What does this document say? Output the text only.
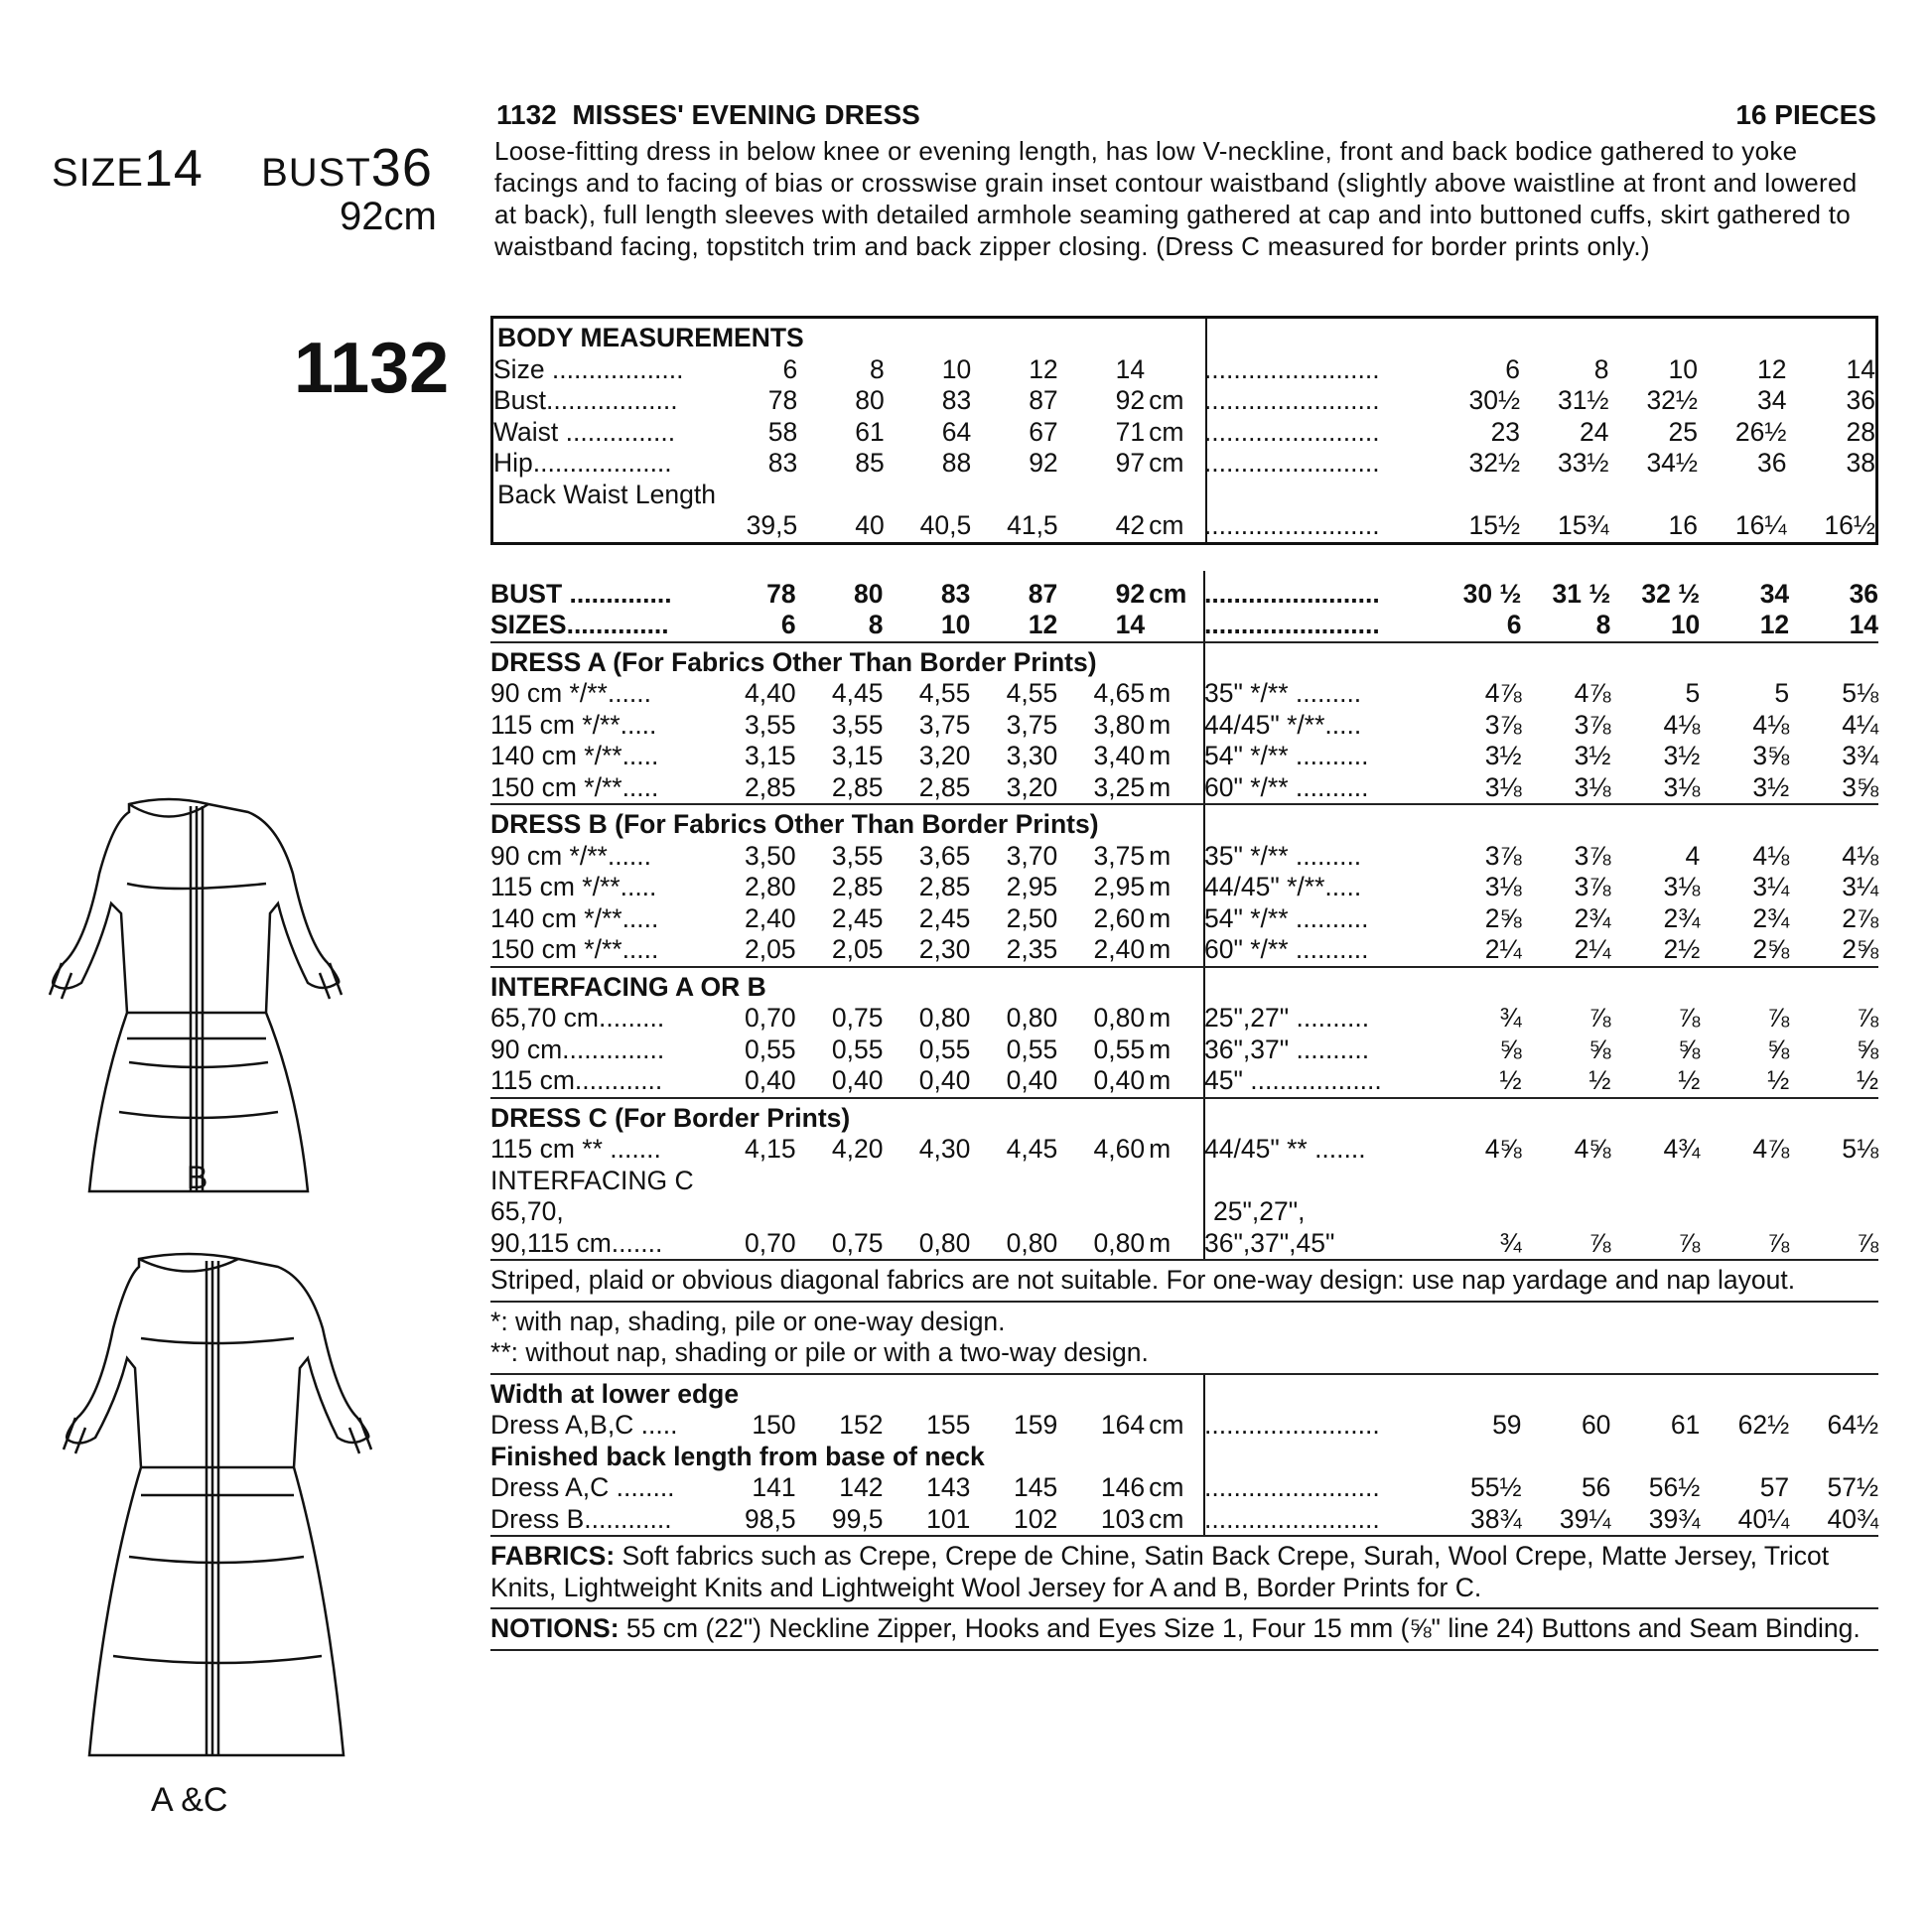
SIZE14 BUST36
92cm
1132
B
A &C
1132 MISSES' EVENING DRESS	16 PIECES
Loose-fitting dress in below knee or evening length, has low V-neckline, front and back bodice gathered to yoke facings and to facing of bias or crosswise grain inset contour waistband (slightly above waistline at front and lowered at back), full length sleeves with detailed armhole seaming gathered at cap and into buttoned cuffs, skirt gathered to waistband facing, topstitch trim and back zipper closing. (Dress C measured for border prints only.)
BODY MEASUREMENTS
Size ..................	6	8	10	12	14	........................	6	8	10	12	14
Bust..................	78	80	83	87	92 cm ........................	30½	31½	32½	34	36
Waist ...............	58	61	64	67	71 cm ........................	23	24	25	26½	28
Hip...................	83	85	88	92	97 cm ........................	32½	33½	34½	36	38
Back Waist Length
39,5	40	40,5	41,5	42 cm ........................	15½	15¾	16	16¼	16½
BUST ..............	78	80	83	87	92 cm ........................	30 ½	31 ½	32 ½	34	36
SIZES..............	6	8	10	12	14	........................	6	8	10	12	14
DRESS A (For Fabrics Other Than Border Prints)
90 cm */**......	4,40	4,45	4,55	4,55	4,65 m	35" */** .........	4⅞	4⅞	5	5	5⅛
115 cm */**.....	3,55	3,55	3,75	3,75	3,80 m	44/45" */**.....	3⅞	3⅞	4⅛	4⅛	4¼
140 cm */**.....	3,15	3,15	3,20	3,30	3,40 m	54" */** ..........	3½	3½	3½	3⅝	3¾
150 cm */**.....	2,85	2,85	2,85	3,20	3,25 m	60" */** ..........	3⅛	3⅛	3⅛	3½	3⅝
DRESS B (For Fabrics Other Than Border Prints)
90 cm */**......	3,50	3,55	3,65	3,70	3,75 m	35" */** .........	3⅞	3⅞	4	4⅛	4⅛
115 cm */**.....	2,80	2,85	2,85	2,95	2,95 m	44/45" */**.....	3⅛	3⅞	3⅛	3¼	3¼
140 cm */**.....	2,40	2,45	2,45	2,50	2,60 m	54" */** ..........	2⅝	2¾	2¾	2¾	2⅞
150 cm */**.....	2,05	2,05	2,30	2,35	2,40 m	60" */** ..........	2¼	2¼	2½	2⅝	2⅝
INTERFACING A OR B
65,70 cm.........	0,70	0,75	0,80	0,80	0,80 m	25",27" ..........	¾	⅞	⅞	⅞	⅞
90 cm..............	0,55	0,55	0,55	0,55	0,55 m	36",37" ..........	⅝	⅝	⅝	⅝	⅝
115 cm............	0,40	0,40	0,40	0,40	0,40 m	45" ..................	½	½	½	½	½
DRESS C (For Border Prints)
115 cm ** .......	4,15	4,20	4,30	4,45	4,60 m	44/45" ** .......	4⅝	4⅝	4¾	4⅞	5⅛
INTERFACING C
65,70,	25",27",
90,115 cm.......	0,70	0,75	0,80	0,80	0,80 m	36",37",45"	¾	⅞	⅞	⅞	⅞
Striped, plaid or obvious diagonal fabrics are not suitable. For one-way design: use nap yardage and nap layout.
*: with nap, shading, pile or one-way design.
**: without nap, shading or pile or with a two-way design.
Width at lower edge
Dress A,B,C .....	150	152	155	159	164 cm ........................	59	60	61	62½	64½
Finished back length from base of neck
Dress A,C ........	141	142	143	145	146 cm ........................	55½	56	56½	57	57½
Dress B............	98,5	99,5	101	102	103 cm ........................	38¾	39¼	39¾	40¼	40¾
FABRICS: Soft fabrics such as Crepe, Crepe de Chine, Satin Back Crepe, Surah, Wool Crepe, Matte Jersey, Tricot Knits, Lightweight Knits and Lightweight Wool Jersey for A and B, Border Prints for C.
NOTIONS: 55 cm (22") Neckline Zipper, Hooks and Eyes Size 1, Four 15 mm (⅝" line 24) Buttons and Seam Binding.
